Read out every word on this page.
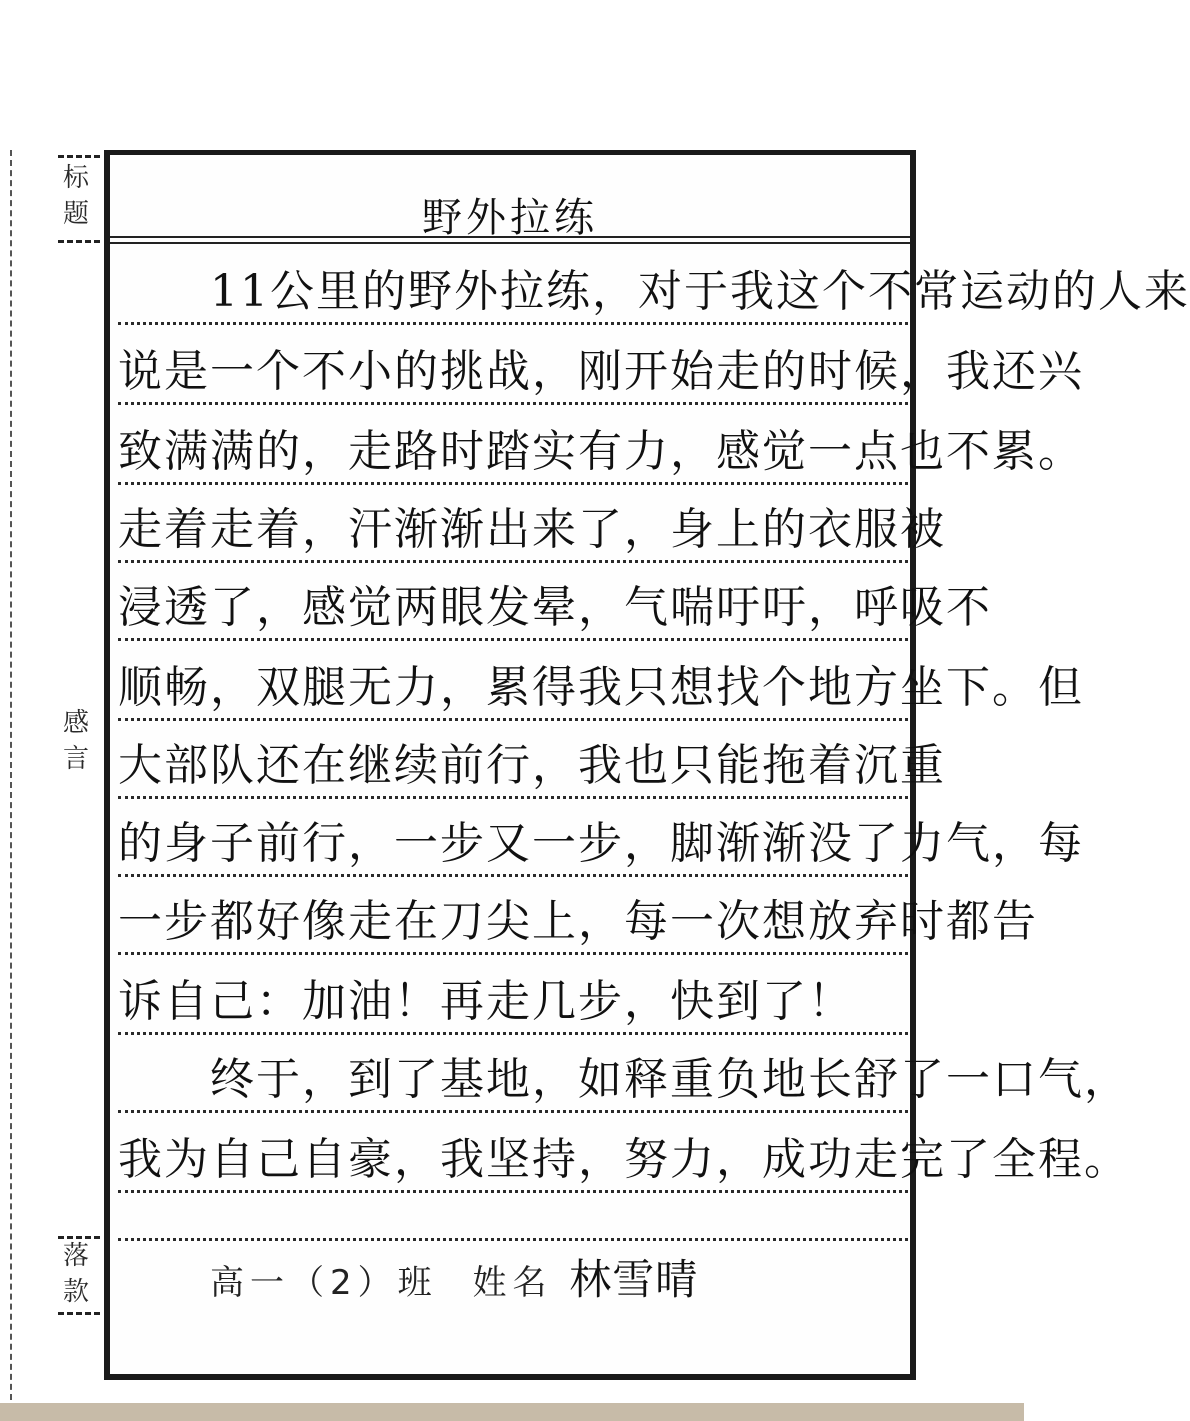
标题
感言
落款
野外拉练
　　11公里的野外拉练，对于我这个不常运动的人来
说是一个不小的挑战，刚开始走的时候，我还兴
致满满的，走路时踏实有力，感觉一点也不累。
走着走着，汗渐渐出来了，身上的衣服被
浸透了，感觉两眼发晕，气喘吁吁，呼吸不
顺畅，双腿无力，累得我只想找个地方坐下。但
大部队还在继续前行，我也只能拖着沉重
的身子前行，一步又一步，脚渐渐没了力气，每
一步都好像走在刀尖上，每一次想放弃时都告
诉自己：加油！再走几步，快到了！
　　终于，到了基地，如释重负地长舒了一口气，
我为自己自豪，我坚持，努力，成功走完了全程。
高一（2）班 姓名 林雪晴
